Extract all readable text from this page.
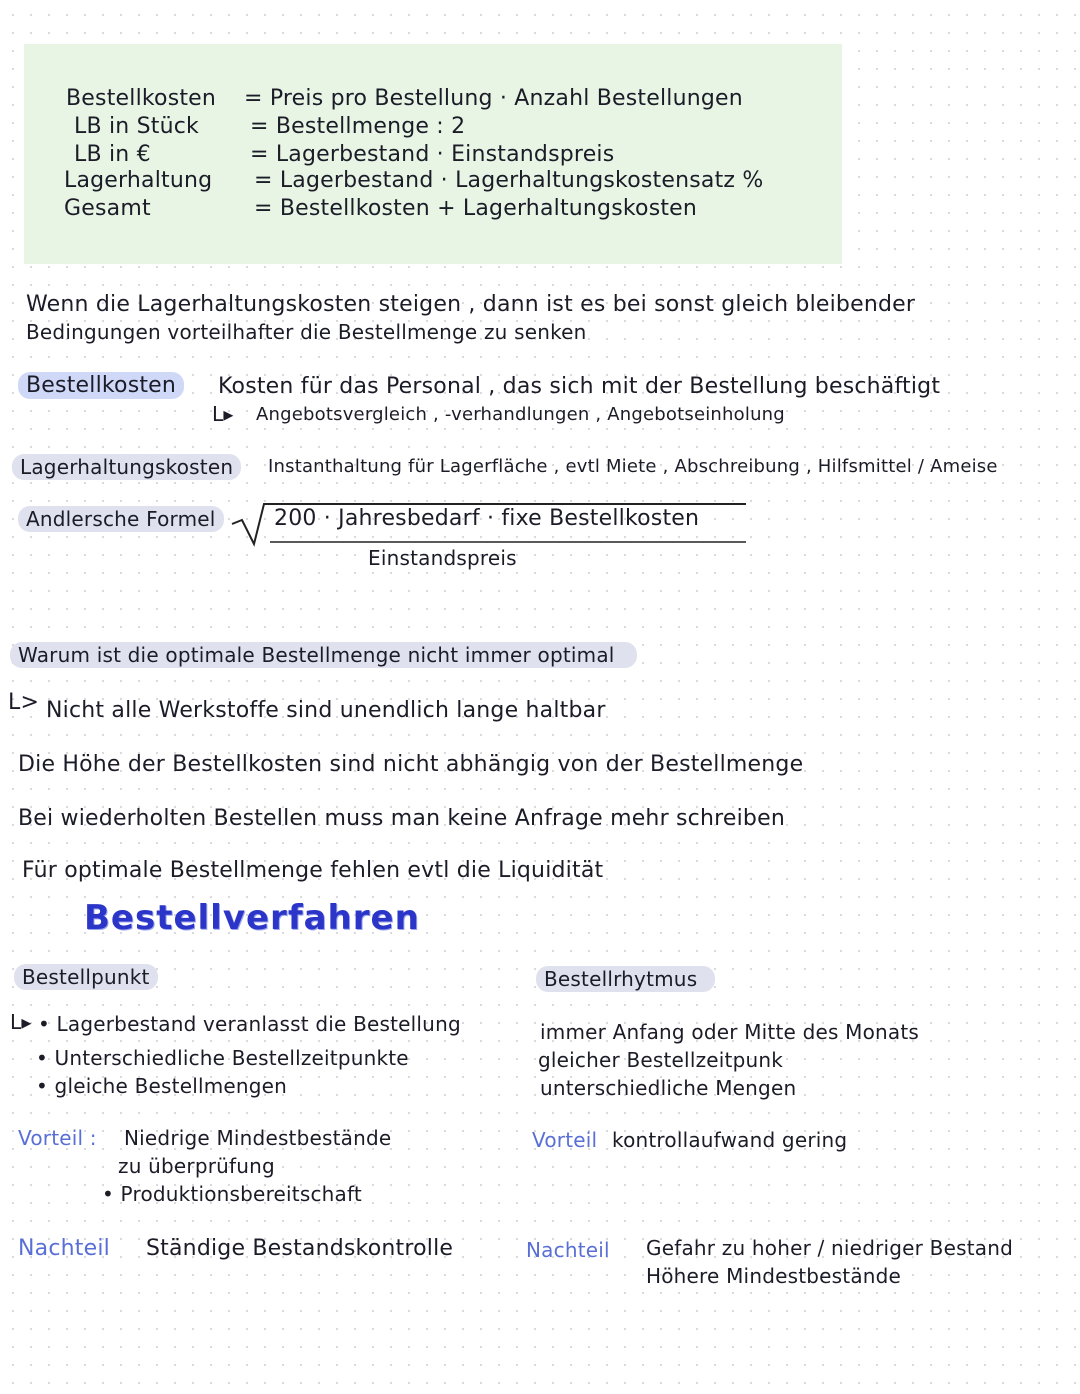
Bestellkosten = Preis pro Bestellung · Anzahl Bestellungen
LB in Stück = Bestellmenge : 2
LB in €	= Lagerbestand · Einstandspreis
Lagerhaltung = Lagerbestand · Lagerhaltungskostensatz %
Gesamt	= Bestellkosten + Lagerhaltungskosten
Wenn die Lagerhaltungskosten steigen , dann ist es bei sonst gleich bleibender
Bedingungen vorteilhafter die Bestellmenge zu senken
Bestellkosten	Kosten für das Personal , das sich mit der Bestellung beschäftigt
L▸ Angebotsvergleich , -verhandlungen , Angebotseinholung
Lagerhaltungskosten	Instanthaltung für Lagerfläche , evtl Miete , Abschreibung , Hilfsmittel / Ameise
Andlersche Formel	200 · Jahresbedarf · fixe Bestellkosten
Einstandspreis
Warum ist die optimale Bestellmenge nicht immer optimal
L> Nicht alle Werkstoffe sind unendlich lange haltbar
Die Höhe der Bestellkosten sind nicht abhängig von der Bestellmenge
Bei wiederholten Bestellen muss man keine Anfrage mehr schreiben
Für optimale Bestellmenge fehlen evtl die Liquidität
Bestellverfahren
Bestellpunkt
L▸ • Lagerbestand veranlasst die Bestellung
• Unterschiedliche Bestellzeitpunkte
• gleiche Bestellmengen
Vorteil : Niedrige Mindestbestände
zu überprüfung
• Produktionsbereitschaft
Nachteil Ständige Bestandskontrolle
Bestellrhytmus
immer Anfang oder Mitte des Monats
gleicher Bestellzeitpunk
unterschiedliche Mengen
Vorteil kontrollaufwand gering
Nachteil Gefahr zu hoher / niedriger Bestand
Höhere Mindestbestände
